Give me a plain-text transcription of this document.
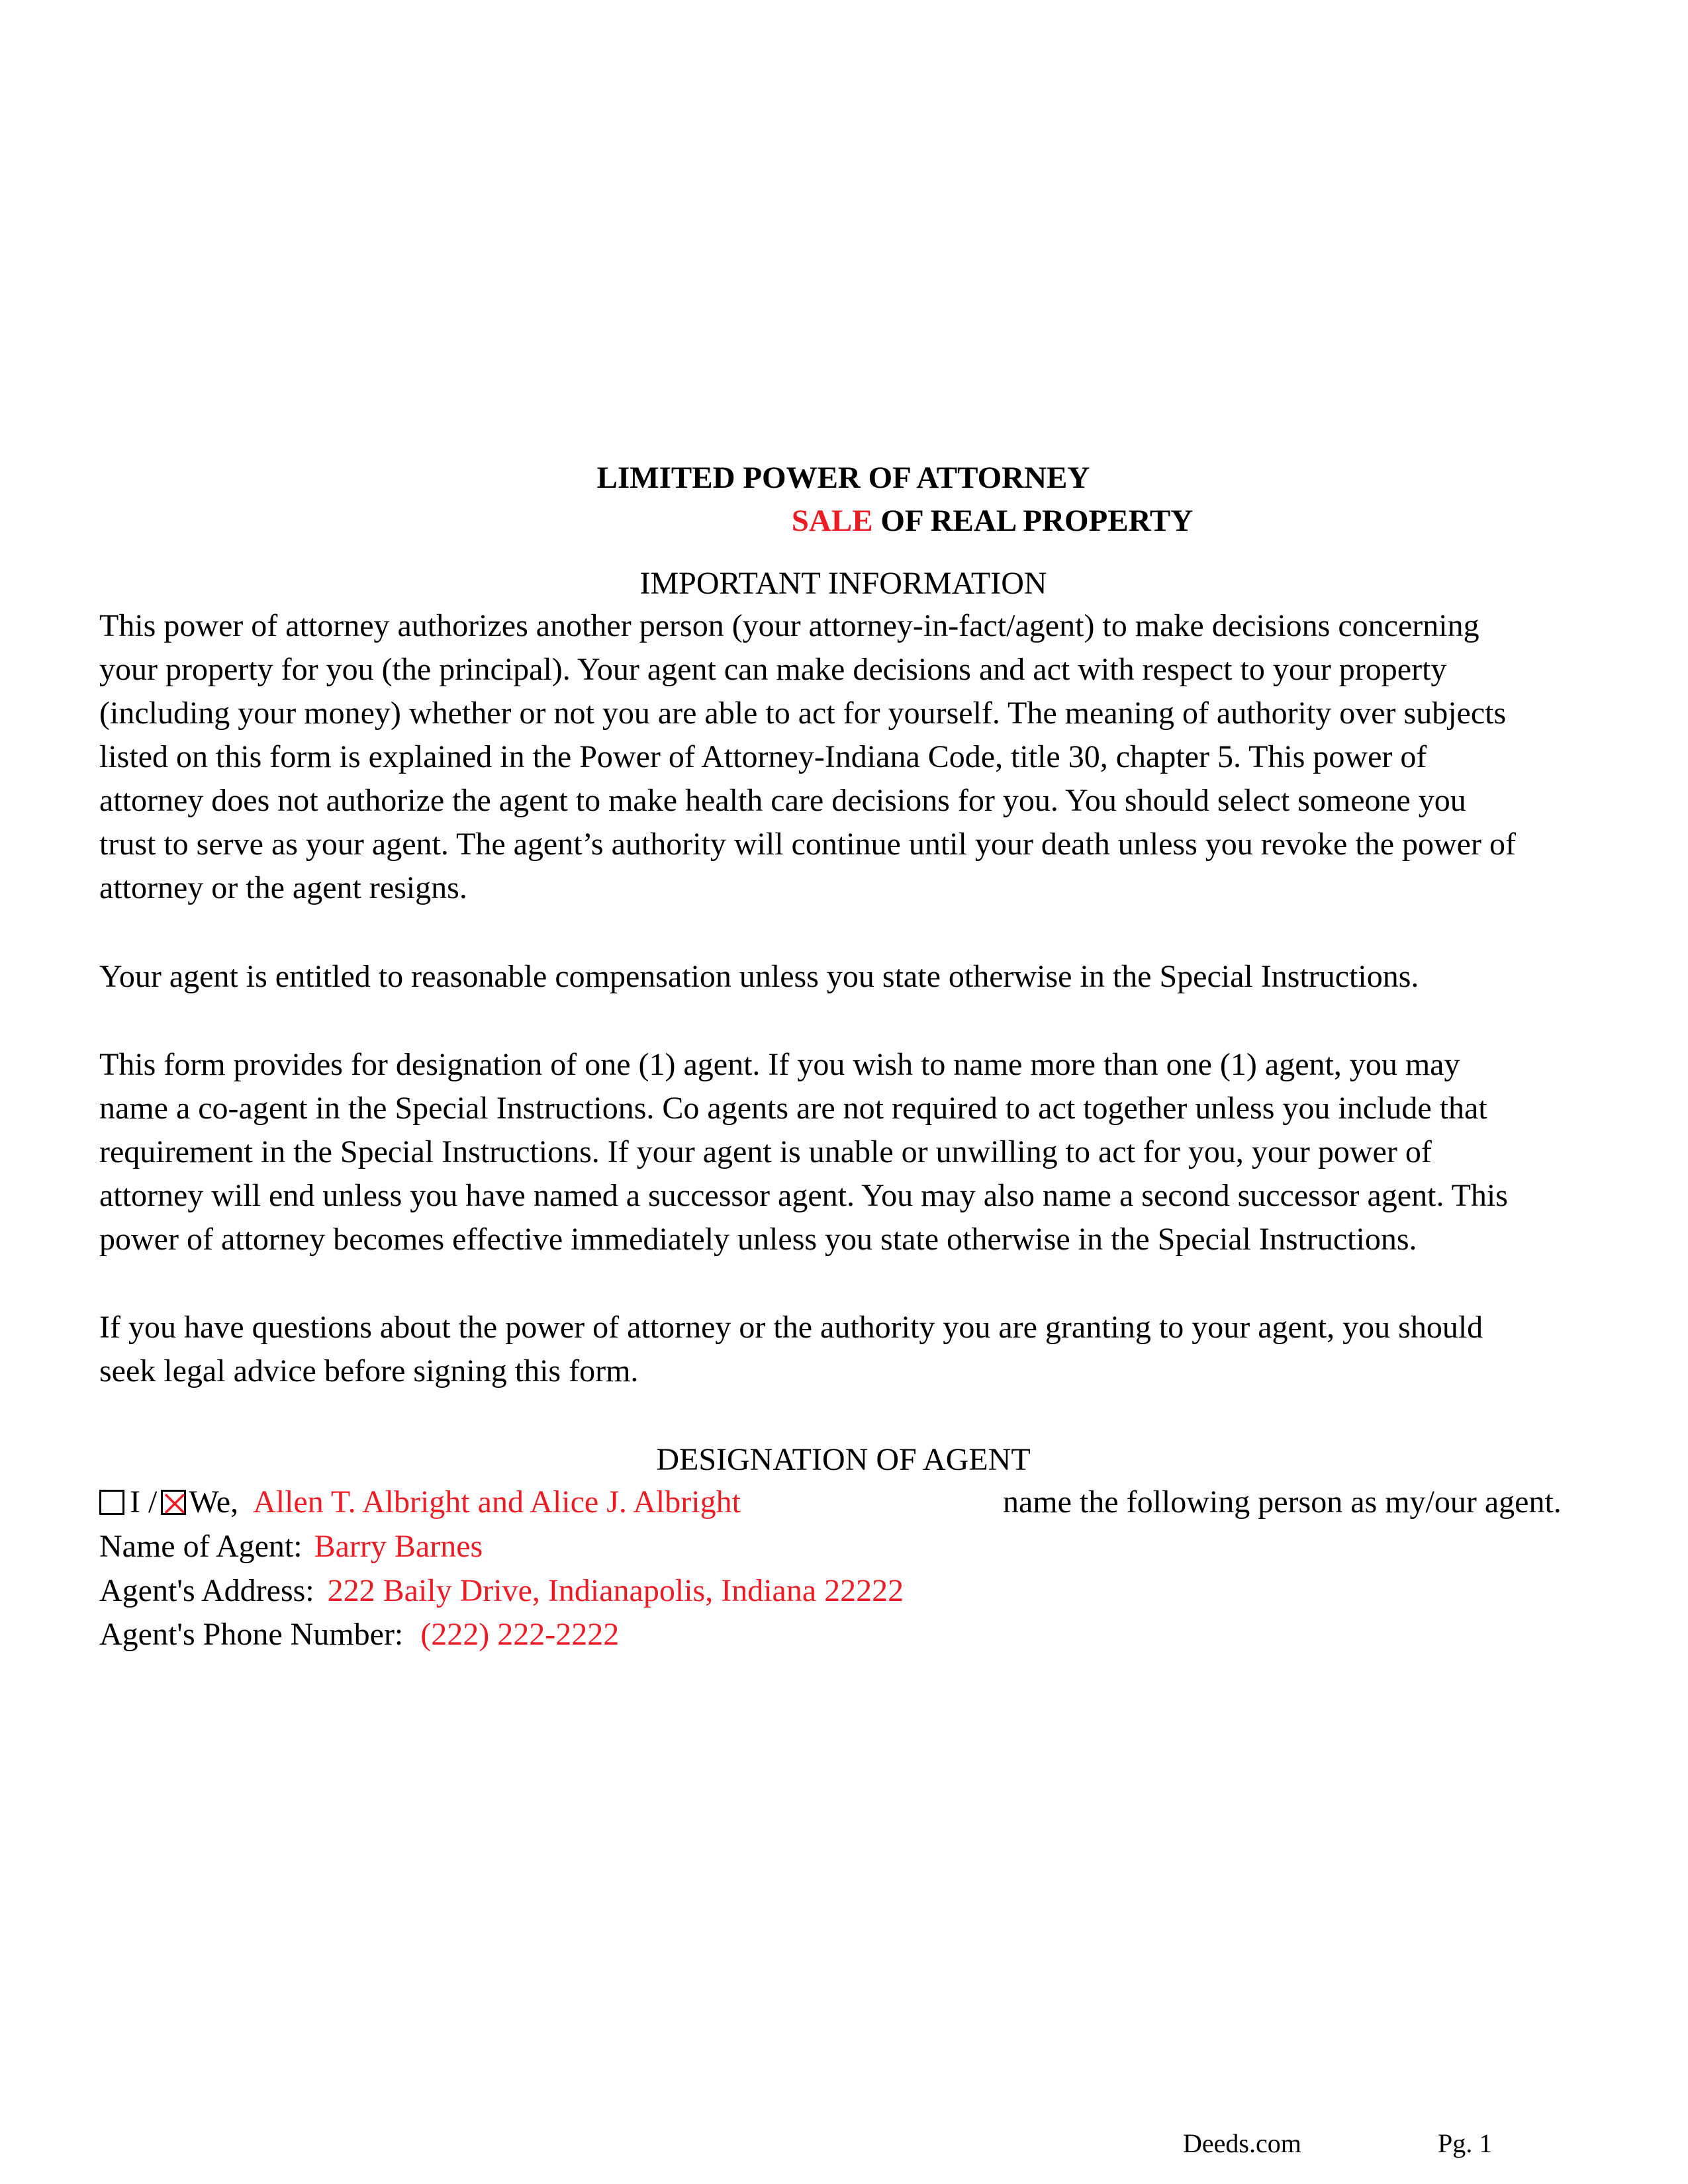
LIMITED POWER OF ATTORNEY
SALE OF REAL PROPERTY
IMPORTANT INFORMATION
This power of attorney authorizes another person (your attorney-in-fact/agent) to make decisions concerning
your property for you (the principal). Your agent can make decisions and act with respect to your property
(including your money) whether or not you are able to act for yourself. The meaning of authority over subjects
listed on this form is explained in the Power of Attorney-Indiana Code, title 30, chapter 5. This power of
attorney does not authorize the agent to make health care decisions for you. You should select someone you
trust to serve as your agent. The agent’s authority will continue until your death unless you revoke the power of
attorney or the agent resigns.
Your agent is entitled to reasonable compensation unless you state otherwise in the Special Instructions.
This form provides for designation of one (1) agent. If you wish to name more than one (1) agent, you may
name a co-agent in the Special Instructions. Co agents are not required to act together unless you include that
requirement in the Special Instructions. If your agent is unable or unwilling to act for you, your power of
attorney will end unless you have named a successor agent. You may also name a second successor agent. This
power of attorney becomes effective immediately unless you state otherwise in the Special Instructions.
If you have questions about the power of attorney or the authority you are granting to your agent, you should
seek legal advice before signing this form.
DESIGNATION OF AGENT
I / We, Allen T. Albright and Alice J. Albright	name the following person as my/our agent.
Name of Agent: Barry Barnes
Agent's Address: 222 Baily Drive, Indianapolis, Indiana 22222
Agent's Phone Number: (222) 222-2222
Deeds.com	Pg. 1
